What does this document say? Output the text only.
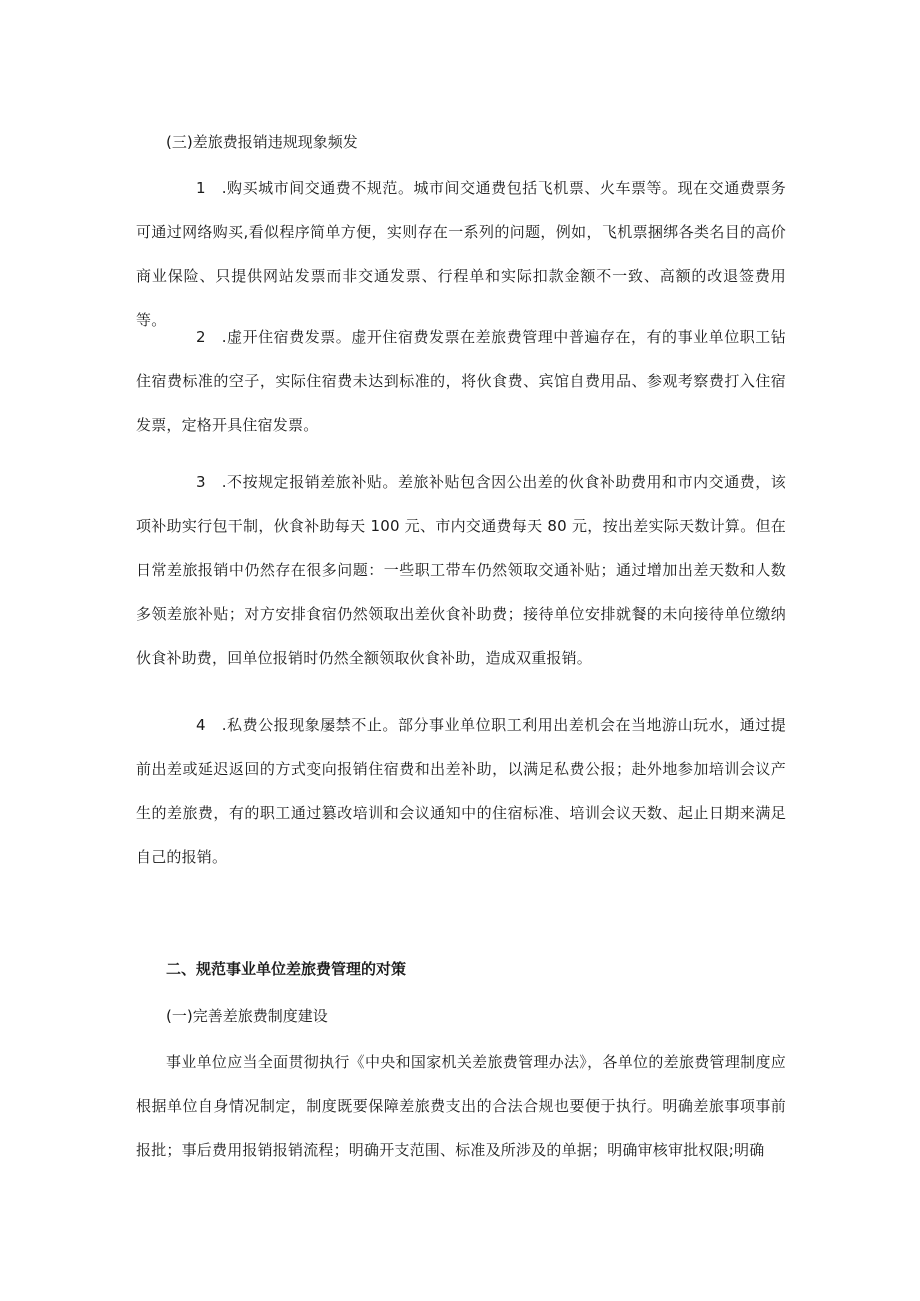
(三)差旅费报销违规现象频发

1 .购买城市间交通费不规范。城市间交通费包括飞机票、火车票等。现在交通费票务可通过网络购买,看似程序简单方便，实则存在一系列的问题，例如，飞机票捆绑各类名目的高价商业保险、只提供网站发票而非交通发票、行程单和实际扣款金额不一致、高额的改退签费用等。

2 .虚开住宿费发票。虚开住宿费发票在差旅费管理中普遍存在，有的事业单位职工钻住宿费标准的空子，实际住宿费未达到标准的，将伙食费、宾馆自费用品、参观考察费打入住宿发票，定格开具住宿发票。

3 .不按规定报销差旅补贴。差旅补贴包含因公出差的伙食补助费用和市内交通费，该项补助实行包干制，伙食补助每天 100 元、市内交通费每天 80 元，按出差实际天数计算。但在日常差旅报销中仍然存在很多问题：一些职工带车仍然领取交通补贴；通过增加出差天数和人数多领差旅补贴；对方安排食宿仍然领取出差伙食补助费；接待单位安排就餐的未向接待单位缴纳伙食补助费，回单位报销时仍然全额领取伙食补助，造成双重报销。

4 .私费公报现象屡禁不止。部分事业单位职工利用出差机会在当地游山玩水，通过提前出差或延迟返回的方式变向报销住宿费和出差补助，以满足私费公报；赴外地参加培训会议产生的差旅费，有的职工通过篡改培训和会议通知中的住宿标准、培训会议天数、起止日期来满足自己的报销。

二、规范事业单位差旅费管理的对策

(一)完善差旅费制度建设

事业单位应当全面贯彻执行《中央和国家机关差旅费管理办法》，各单位的差旅费管理制度应根据单位自身情况制定，制度既要保障差旅费支出的合法合规也要便于执行。明确差旅事项事前报批；事后费用报销报销流程；明确开支范围、标准及所涉及的单据；明确审核审批权限;明确
